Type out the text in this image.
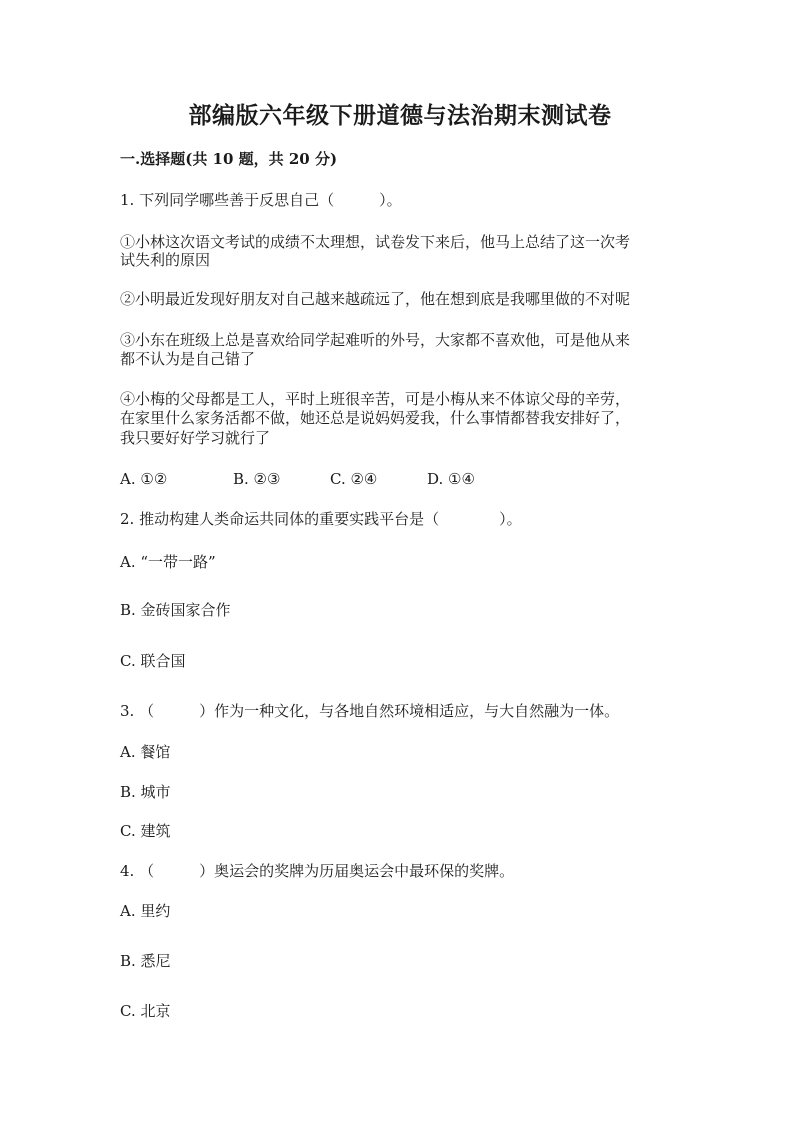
部编版六年级下册道德与法治期末测试卷
一.选择题(共 10 题，共 20 分)
1. 下列同学哪些善于反思自己（　　　）。
①小林这次语文考试的成绩不太理想，试卷发下来后，他马上总结了这一次考
试失利的原因
②小明最近发现好朋友对自己越来越疏远了，他在想到底是我哪里做的不对呢
③小东在班级上总是喜欢给同学起难听的外号，大家都不喜欢他，可是他从来
都不认为是自己错了
④小梅的父母都是工人，平时上班很辛苦，可是小梅从来不体谅父母的辛劳，
在家里什么家务活都不做，她还总是说妈妈爱我，什么事情都替我安排好了，
我只要好好学习就行了
A. ①②	B. ②③	C. ②④	D. ①④
2. 推动构建人类命运共同体的重要实践平台是（　　　　）。
A. “一带一路”
B. 金砖国家合作
C. 联合国
3. （　　　）作为一种文化，与各地自然环境相适应，与大自然融为一体。
A. 餐馆
B. 城市
C. 建筑
4. （　　　）奥运会的奖牌为历届奥运会中最环保的奖牌。
A. 里约
B. 悉尼
C. 北京
